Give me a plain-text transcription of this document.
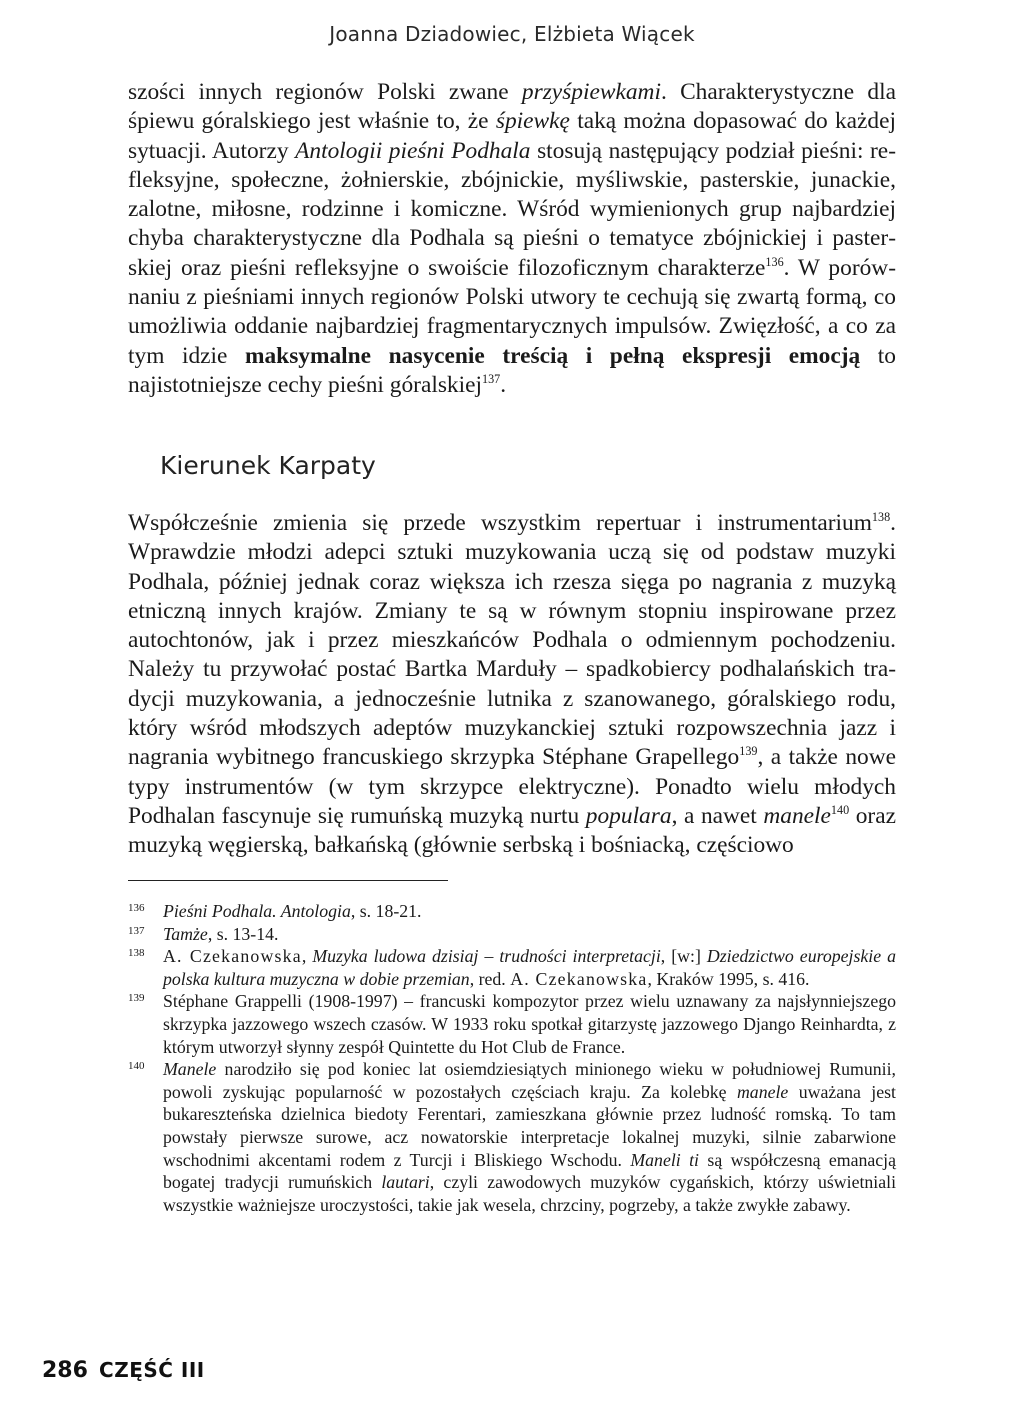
Joanna Dziadowiec, Elżbieta Wiącek

szości innych regionów Polski zwane przyśpiewkami. Charakterystyczne dla śpiewu góralskiego jest właśnie to, że śpiewkę taką można dopasować do każdej sytuacji. Autorzy Antologii pieśni Podhala stosują następujący podział pieśni: refleksyjne, społeczne, żołnierskie, zbójnickie, myśliwskie, pasterskie, junackie, zalotne, miłosne, rodzinne i komiczne. Wśród wymienionych grup najbardziej chyba charakterystyczne dla Podhala są pieśni o tematyce zbójnickiej i pasterskiej oraz pieśni refleksyjne o swoiście filozoficznym charakterze$^{136}$. W porównaniu z pieśniami innych regionów Polski utwory te cechują się zwartą formą, co umożliwia oddanie najbardziej fragmentarycznych impulsów. Zwięzłość, a co za tym idzie maksymalne nasycenie treścią i pełną ekspresji emocją to najistotniejsze cechy pieśni góralskiej$^{137}$.

Kierunek Karpaty

Współcześnie zmienia się przede wszystkim repertuar i instrumentarium$^{138}$. Wprawdzie młodzi adepci sztuki muzykowania uczą się od podstaw muzyki Podhala, później jednak coraz większa ich rzesza sięga po nagrania z muzyką etniczną innych krajów. Zmiany te są w równym stopniu inspirowane przez autochtonów, jak i przez mieszkańców Podhala o odmiennym pochodzeniu. Należy tu przywołać postać Bartka Marduły – spadkobiercy podhalańskich tradycji muzykowania, a jednocześnie lutnika z szanowanego, góralskiego rodu, który wśród młodszych adeptów muzykanckiej sztuki rozpowszechnia jazz i nagrania wybitnego francuskiego skrzypka Stéphane Grapellego$^{139}$, a także nowe typy instrumentów (w tym skrzypce elektryczne). Ponadto wielu młodych Podhalan fascynuje się rumuńską muzyką nurtu populara, a nawet manele$^{140}$ oraz muzyką węgierską, bałkańską (głównie serbską i bośniacką, częściowo

136 Pieśni Podhala. Antologia, s. 18-21.
137 Tamże, s. 13-14.
138 A. Czekanowska, Muzyka ludowa dzisiaj – trudności interpretacji, [w:] Dziedzictwo europejskie a polska kultura muzyczna w dobie przemian, red. A. Czekanowska, Kraków 1995, s. 416.
139 Stéphane Grappelli (1908-1997) – francuski kompozytor przez wielu uznawany za najsłynniejszego skrzypka jazzowego wszech czasów. W 1933 roku spotkał gitarzystę jazzowego Django Reinhardta, z którym utworzył słynny zespół Quintette du Hot Club de France.
140 Manele narodziło się pod koniec lat osiemdziesiątych minionego wieku w południowej Rumunii, powoli zyskując popularność w pozostałych częściach kraju. Za kolebkę manele uważana jest bukareszteńska dzielnica biedoty Ferentari, zamieszkana głównie przez ludność romską. To tam powstały pierwsze surowe, acz nowatorskie interpretacje lokalnej muzyki, silnie zabarwione wschodnimi akcentami rodem z Turcji i Bliskiego Wschodu. Maneli ti są współczesną emanacją bogatej tradycji rumuńskich lautari, czyli zawodowych muzyków cygańskich, którzy uświetniali wszystkie ważniejsze uroczystości, takie jak wesela, chrzciny, pogrzeby, a także zwykłe zabawy.
286 CZĘŚĆ III
